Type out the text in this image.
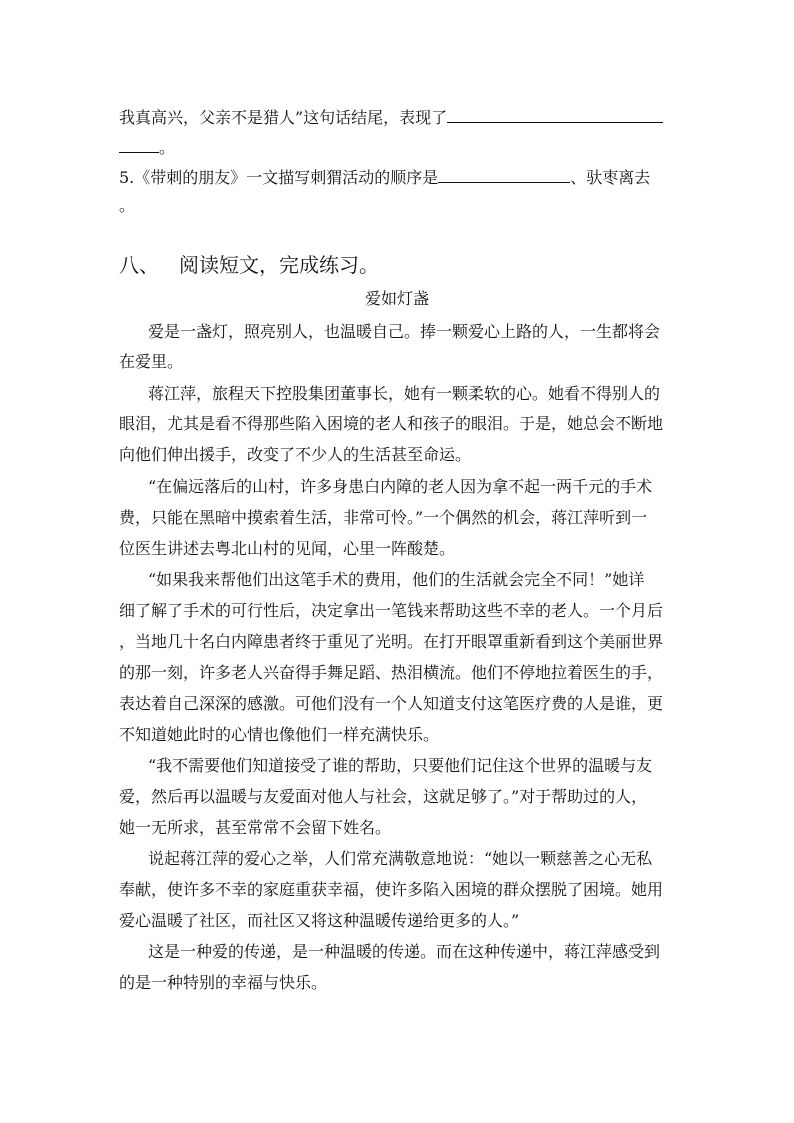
我真高兴，父亲不是猎人”这句话结尾，表现了
。
5.《带刺的朋友》一文描写刺猬活动的顺序是	、驮枣离去
。
八、 阅读短文，完成练习。
爱如灯盏
爱是一盏灯，照亮别人，也温暖自己。捧一颗爱心上路的人，一生都将会
在爱里。
蒋江萍，旅程天下控股集团董事长，她有一颗柔软的心。她看不得别人的
眼泪，尤其是看不得那些陷入困境的老人和孩子的眼泪。于是，她总会不断地
向他们伸出援手，改变了不少人的生活甚至命运。
“在偏远落后的山村，许多身患白内障的老人因为拿不起一两千元的手术
费，只能在黑暗中摸索着生活，非常可怜。”一个偶然的机会，蒋江萍听到一
位医生讲述去粤北山村的见闻，心里一阵酸楚。
“如果我来帮他们出这笔手术的费用，他们的生活就会完全不同！”她详
细了解了手术的可行性后，决定拿出一笔钱来帮助这些不幸的老人。一个月后
，当地几十名白内障患者终于重见了光明。在打开眼罩重新看到这个美丽世界
的那一刻，许多老人兴奋得手舞足蹈、热泪横流。他们不停地拉着医生的手，
表达着自己深深的感激。可他们没有一个人知道支付这笔医疗费的人是谁，更
不知道她此时的心情也像他们一样充满快乐。
“我不需要他们知道接受了谁的帮助，只要他们记住这个世界的温暖与友
爱，然后再以温暖与友爱面对他人与社会，这就足够了。”对于帮助过的人，
她一无所求，甚至常常不会留下姓名。
说起蒋江萍的爱心之举，人们常充满敬意地说：“她以一颗慈善之心无私
奉献，使许多不幸的家庭重获幸福，使许多陷入困境的群众摆脱了困境。她用
爱心温暖了社区，而社区又将这种温暖传递给更多的人。”
这是一种爱的传递，是一种温暖的传递。而在这种传递中，蒋江萍感受到
的是一种特别的幸福与快乐。
